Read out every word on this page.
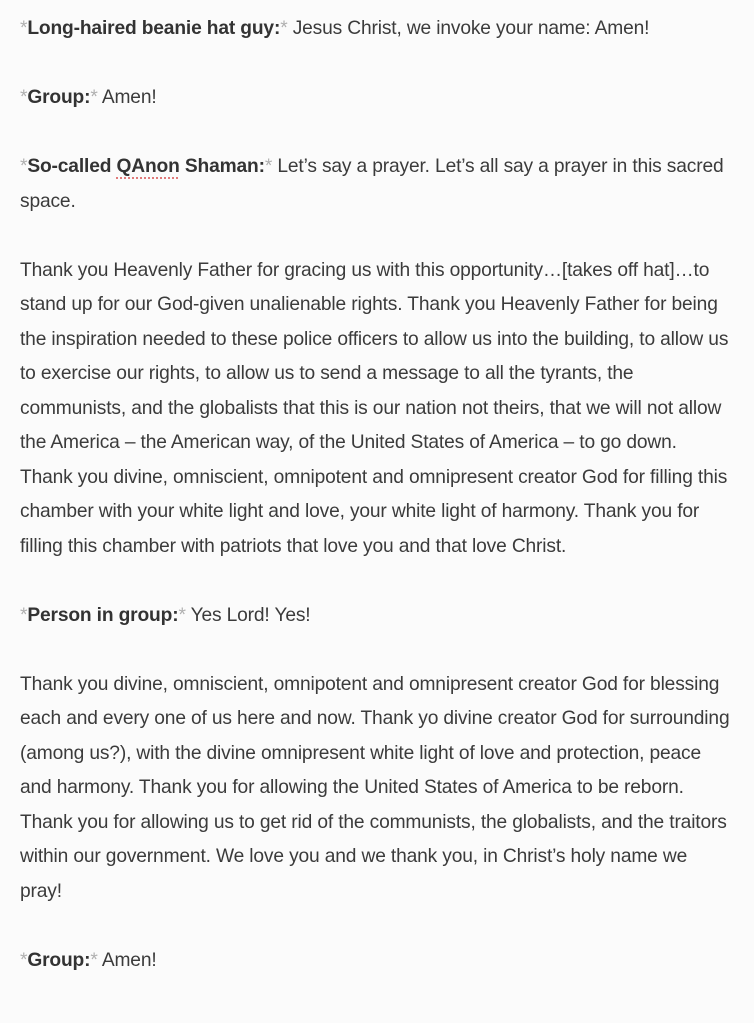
*Long-haired beanie hat guy:* Jesus Christ, we invoke your name: Amen!

*Group:* Amen!

*So-called QAnon Shaman:* Let’s say a prayer. Let’s all say a prayer in this sacred space.

Thank you Heavenly Father for gracing us with this opportunity…[takes off hat]…to stand up for our God-given unalienable rights. Thank you Heavenly Father for being the inspiration needed to these police officers to allow us into the building, to allow us to exercise our rights, to allow us to send a message to all the tyrants, the communists, and the globalists that this is our nation not theirs, that we will not allow the America – the American way, of the United States of America – to go down. Thank you divine, omniscient, omnipotent and omnipresent creator God for filling this chamber with your white light and love, your white light of harmony. Thank you for filling this chamber with patriots that love you and that love Christ.

*Person in group:* Yes Lord! Yes!

Thank you divine, omniscient, omnipotent and omnipresent creator God for blessing each and every one of us here and now. Thank yo divine creator God for surrounding (among us?), with the divine omnipresent white light of love and protection, peace and harmony. Thank you for allowing the United States of America to be reborn. Thank you for allowing us to get rid of the communists, the globalists, and the traitors within our government. We love you and we thank you, in Christ’s holy name we pray!

*Group:* Amen!
